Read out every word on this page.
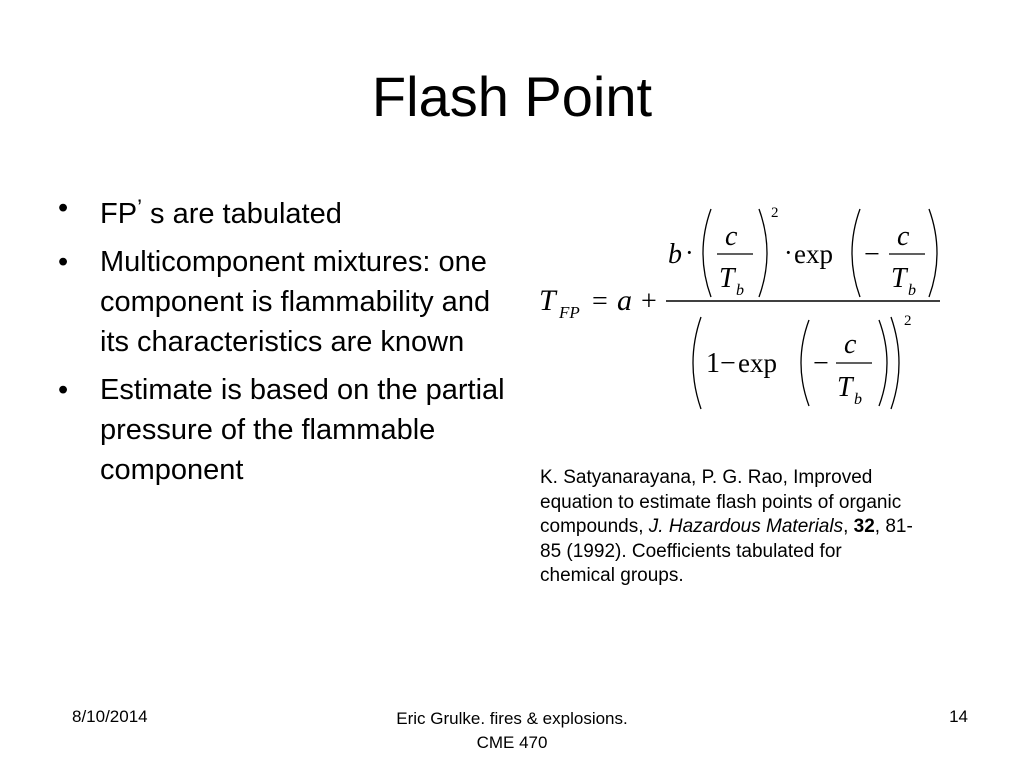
Flash Point
• FP’ s are tabulated
• Multicomponent mixtures: one component is flammability and its characteristics are known
• Estimate is based on the partial pressure of the flammable component
T FP = a +
b ·
c
T b
2
· exp −
c
T b
1 − exp −
c
T b
2
K. Satyanarayana, P. G. Rao, Improved equation to estimate flash points of organic compounds, J. Hazardous Materials, 32, 81-85 (1992). Coefficients tabulated for chemical groups.
8/10/2014	Eric Grulke. fires & explosions.
CME 470
14
